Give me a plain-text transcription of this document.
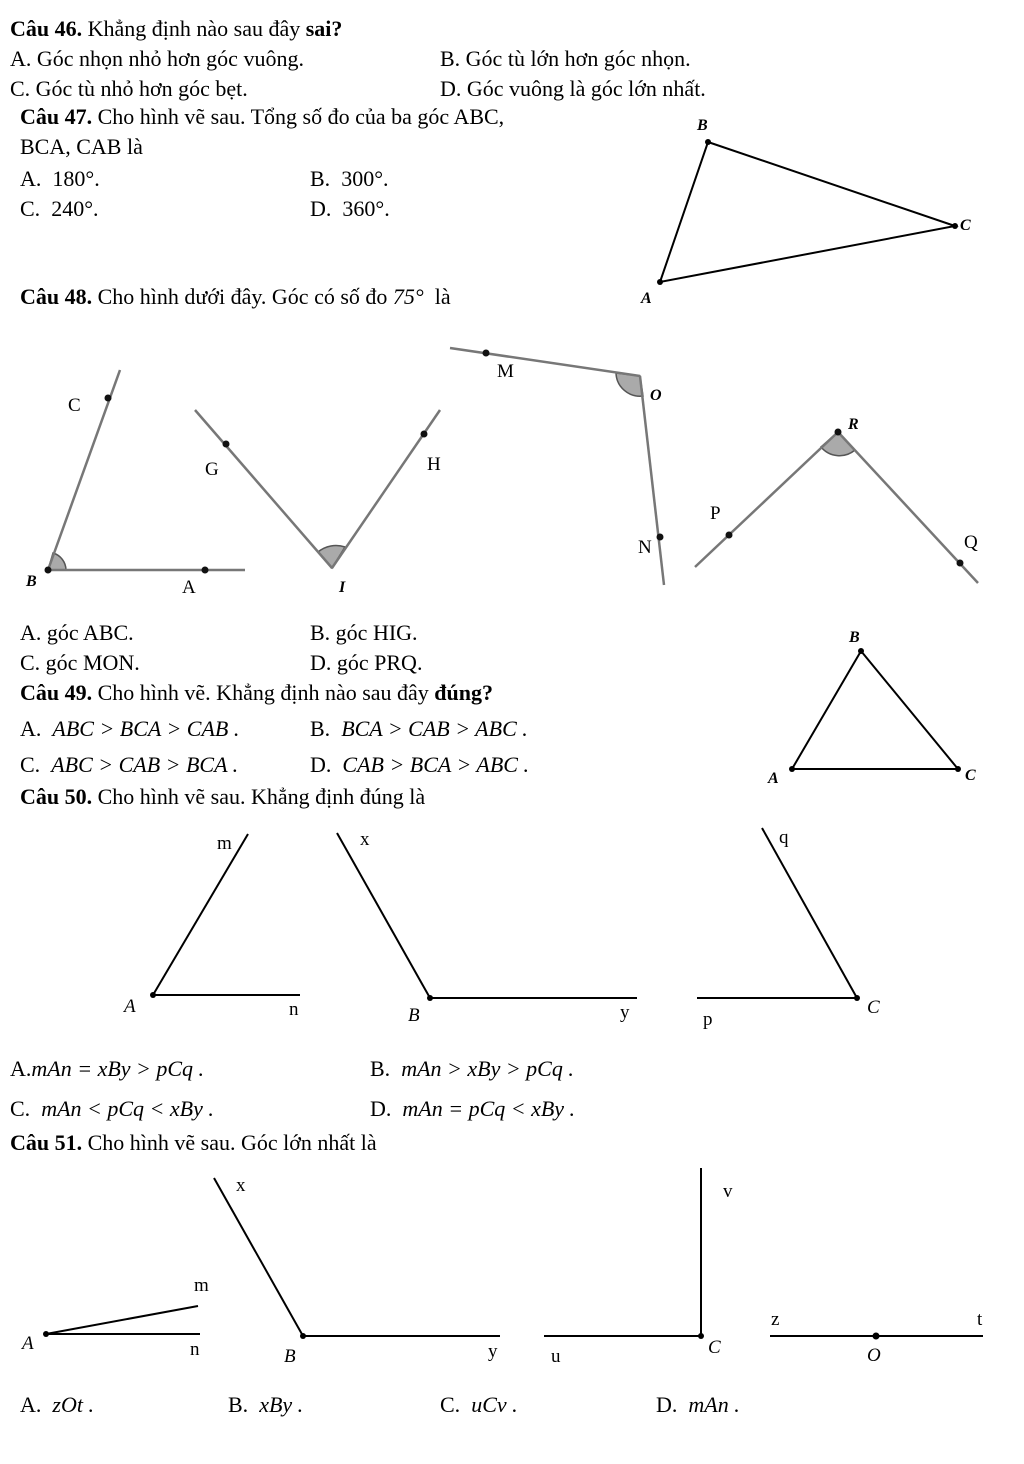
Câu 46. Khẳng định nào sau đây sai?
A. Góc nhọn nhỏ hơn góc vuông.	B. Góc tù lớn hơn góc nhọn.
C. Góc tù nhỏ hơn góc bẹt.	D. Góc vuông là góc lớn nhất.
Câu 47. Cho hình vẽ sau. Tổng số đo của ba góc ABC,
BCA, CAB là
A. 180°.	B. 300°.
C. 240°.	D. 360°.
Câu 48. Cho hình dưới đây. Góc có số đo 75° là
A. góc ABC.	B. góc HIG.
C. góc MON.	D. góc PRQ.
Câu 49. Cho hình vẽ. Khẳng định nào sau đây đúng?
A. ABC > BCA > CAB .	B. BCA > CAB > ABC .
C. ABC > CAB > BCA .	D. CAB > BCA > ABC .
Câu 50. Cho hình vẽ sau. Khẳng định đúng là
A.mAn = xBy > pCq .	B. mAn > xBy > pCq .
C. mAn < pCq < xBy .	D. mAn = pCq < xBy .
Câu 51. Cho hình vẽ sau. Góc lớn nhất là
A. zOt .	B. xBy .	C. uCv .	D. mAn .
B
C
A
C
B	A
G	H
I
M
O
N
R
P
Q
B
A	C
m
A	n
x
B	y
q
p
C
x
m
A	n	B	y
v
u	C
z	t
O
